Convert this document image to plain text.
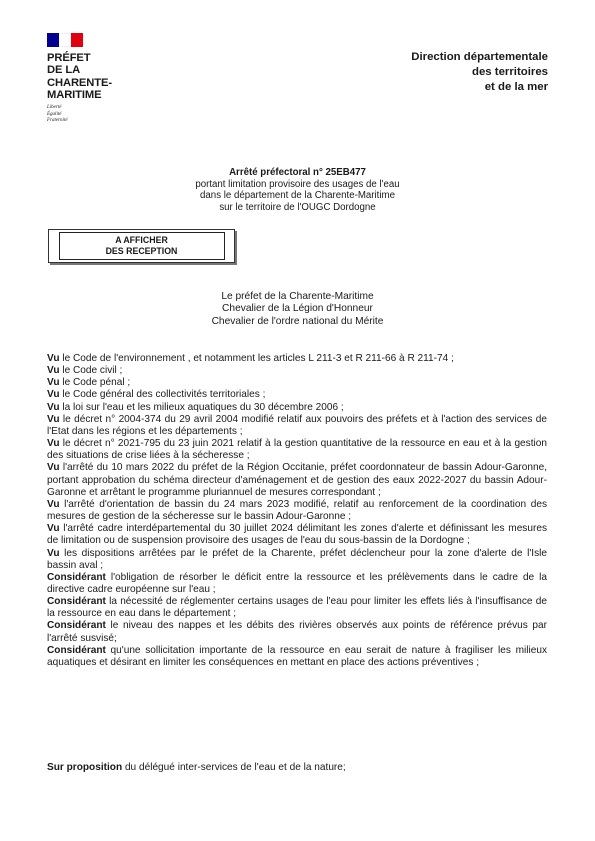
PRÉFET
DE LA
CHARENTE-
MARITIME
Liberté
Égalité
Fraternité
Direction départementale
des territoires
et de la mer
Arrêté préfectoral n° 25EB477
portant limitation provisoire des usages de l'eau
dans le département de la Charente-Maritime
sur le territoire de l'OUGC Dordogne
A AFFICHER
DES RECEPTION
Le préfet de la Charente-Maritime
Chevalier de la Légion d'Honneur
Chevalier de l'ordre national du Mérite

Vu le Code de l'environnement , et notamment les articles L 211-3 et R 211-66 à R 211-74 ;

Vu le Code civil ;

Vu le Code pénal ;

Vu le Code général des collectivités territoriales ;

Vu la loi sur l'eau et les milieux aquatiques du 30 décembre 2006 ;

Vu le décret n° 2004-374 du 29 avril 2004 modifié relatif aux pouvoirs des préfets et à l'action des services de l'Etat dans les régions et les départements ;

Vu le décret n° 2021-795 du 23 juin 2021 relatif à la gestion quantitative de la ressource en eau et à la gestion des situations de crise liées à la sécheresse ;

Vu l'arrêté du 10 mars 2022 du préfet de la Région Occitanie, préfet coordonnateur de bassin Adour-Garonne, portant approbation du schéma directeur d'aménagement et de gestion des eaux 2022-2027 du bassin Adour-Garonne et arrêtant le programme pluriannuel de mesures correspondant ;

Vu l'arrêté d'orientation de bassin du 24 mars 2023 modifié, relatif au renforcement de la coordination des mesures de gestion de la sécheresse sur le bassin Adour-Garonne ;

Vu l'arrêté cadre interdépartemental du 30 juillet 2024 délimitant les zones d'alerte et définissant les mesures de limitation ou de suspension provisoire des usages de l'eau du sous-bassin de la Dordogne ;

Vu les dispositions arrêtées par le préfet de la Charente, préfet déclencheur pour la zone d'alerte de l'Isle bassin aval ;

Considérant l'obligation de résorber le déficit entre la ressource et les prélèvements dans le cadre de la directive cadre européenne sur l'eau ;

Considérant la nécessité de réglementer certains usages de l'eau pour limiter les effets liés à l'insuffisance de la ressource en eau dans le département ;

Considérant le niveau des nappes et les débits des rivières observés aux points de référence prévus par l'arrêté susvisé;

Considérant qu'une sollicitation importante de la ressource en eau serait de nature à fragiliser les milieux aquatiques et désirant en limiter les conséquences en mettant en place des actions préventives ;

Sur proposition du délégué inter-services de l'eau et de la nature;
